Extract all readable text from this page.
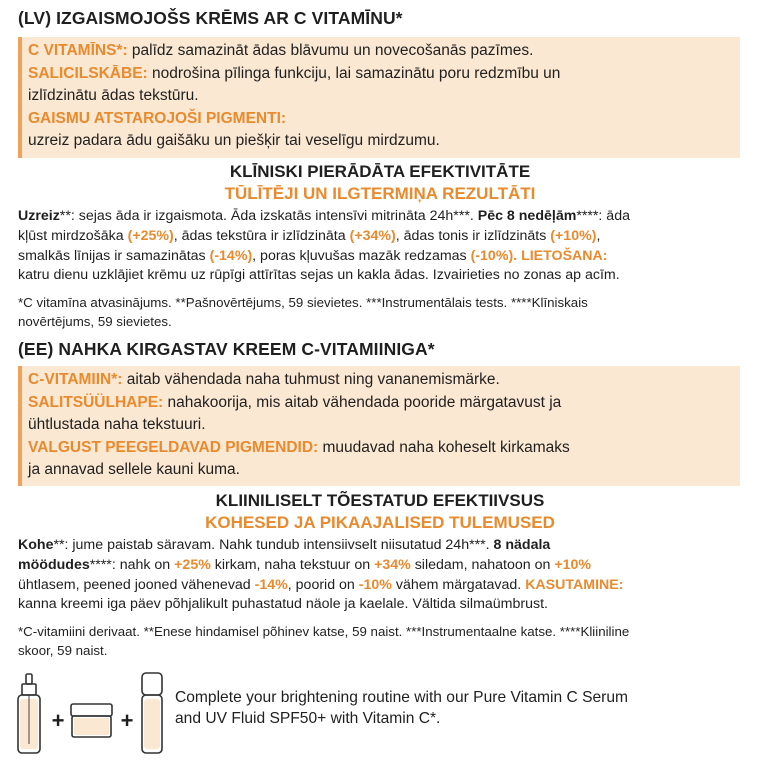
(LV) IZGAISMOJOŠS KRĒMS AR C VITAMĪNU*
C VITAMĪNS*: palīdz samazināt ādas blāvumu un novecošanās pazīmes.
SALICILSKĀBE: nodrošina pīlinga funkciju, lai samazinātu poru redzmību un
izlīdzinātu ādas tekstūru.
GAISMU ATSTAROJOŠI PIGMENTI:
uzreiz padara ādu gaišāku un piešķir tai veselīgu mirdzumu.
KLĪNISKI PIERĀDĀTA EFEKTIVITĀTE
TŪLĪTĒJI UN ILGTERMIŅA REZULTĀTI
Uzreiz**: sejas āda ir izgaismota. Āda izskatās intensīvi mitrināta 24h***. Pēc 8 nedēļām****: āda
kļūst mirdzošāka (+25%), ādas tekstūra ir izlīdzināta (+34%), ādas tonis ir izlīdzināts (+10%),
smalkās līnijas ir samazinātas (-14%), poras kļuvušas mazāk redzamas (-10%). LIETOŠANA:
katru dienu uzklājiet krēmu uz rūpīgi attīrītas sejas un kakla ādas. Izvairieties no zonas ap acīm.
*C vitamīna atvasinājums. **Pašnovērtējums, 59 sievietes. ***Instrumentālais tests. ****Klīniskais
novērtējums, 59 sievietes.
(EE) NAHKA KIRGASTAV KREEM C-VITAMIINIGA*
C-VITAMIIN*: aitab vähendada naha tuhmust ning vananemismärke.
SALITSÜÜLHAPE: nahakoorija, mis aitab vähendada pooride märgatavust ja
ühtlustada naha tekstuuri.
VALGUST PEEGELDAVAD PIGMENDID: muudavad naha koheselt kirkamaks
ja annavad sellele kauni kuma.
KLIINILISELT TÕESTATUD EFEKTIIVSUS
KOHESED JA PIKAAJALISED TULEMUSED
Kohe**: jume paistab säravam. Nahk tundub intensiivselt niisutatud 24h***. 8 nädala
möödudes****: nahk on +25% kirkam, naha tekstuur on +34% siledam, nahatoon on +10%
ühtlasem, peened jooned vähenevad -14%, poorid on -10% vähem märgatavad. KASUTAMINE:
kanna kreemi iga päev põhjalikult puhastatud näole ja kaelale. Vältida silmaümbrust.
*C-vitamiini derivaat. **Enese hindamisel põhinev katse, 59 naist. ***Instrumentaalne katse. ****Kliiniline
skoor, 59 naist.
+	+
Complete your brightening routine with our Pure Vitamin C Serum
and UV Fluid SPF50+ with Vitamin C*.
